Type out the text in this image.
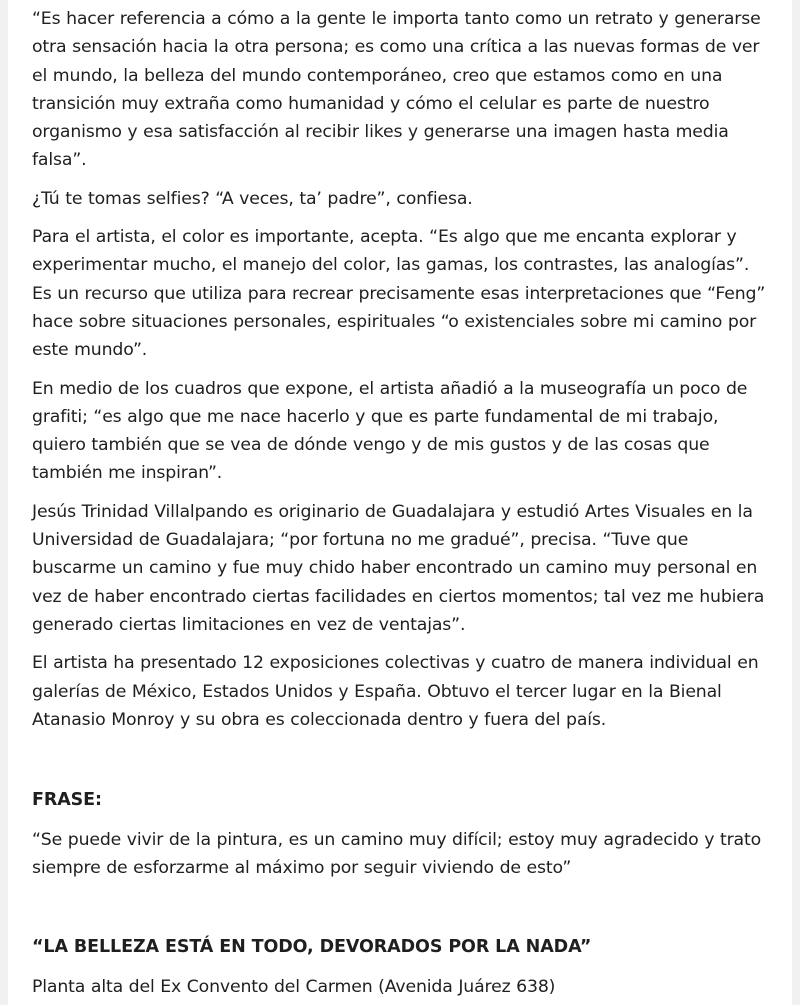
“Es hacer referencia a cómo a la gente le importa tanto como un retrato y generarse otra sensación hacia la otra persona; es como una crítica a las nuevas formas de ver el mundo, la belleza del mundo contemporáneo, creo que estamos como en una transición muy extraña como humanidad y cómo el celular es parte de nuestro organismo y esa satisfacción al recibir likes y generarse una imagen hasta media falsa”.

¿Tú te tomas selfies? “A veces, ta’ padre”, confiesa.

Para el artista, el color es importante, acepta. “Es algo que me encanta explorar y experimentar mucho, el manejo del color, las gamas, los contrastes, las analogías”. Es un recurso que utiliza para recrear precisamente esas interpretaciones que “Feng” hace sobre situaciones personales, espirituales “o existenciales sobre mi camino por este mundo”.

En medio de los cuadros que expone, el artista añadió a la museografía un poco de grafiti; “es algo que me nace hacerlo y que es parte fundamental de mi trabajo, quiero también que se vea de dónde vengo y de mis gustos y de las cosas que también me inspiran”.

Jesús Trinidad Villalpando es originario de Guadalajara y estudió Artes Visuales en la Universidad de Guadalajara; “por fortuna no me gradué”, precisa. “Tuve que buscarme un camino y fue muy chido haber encontrado un camino muy personal en vez de haber encontrado ciertas facilidades en ciertos momentos; tal vez me hubiera generado ciertas limitaciones en vez de ventajas”.

El artista ha presentado 12 exposiciones colectivas y cuatro de manera individual en galerías de México, Estados Unidos y España. Obtuvo el tercer lugar en la Bienal Atanasio Monroy y su obra es coleccionada dentro y fuera del país.

FRASE:

“Se puede vivir de la pintura, es un camino muy difícil; estoy muy agradecido y trato siempre de esforzarme al máximo por seguir viviendo de esto”

“LA BELLEZA ESTÁ EN TODO, DEVORADOS POR LA NADA”

Planta alta del Ex Convento del Carmen (Avenida Juárez 638)
